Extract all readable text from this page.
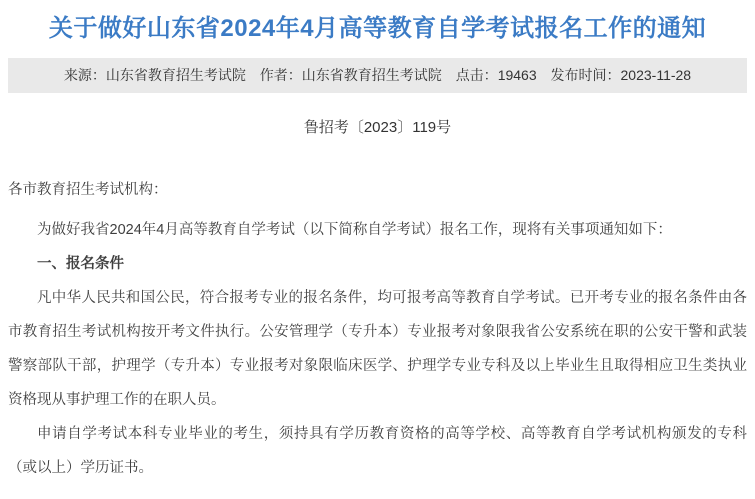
关于做好山东省2024年4月高等教育自学考试报名工作的通知
来源：山东省教育招生考试院 作者：山东省教育招生考试院 点击：19463 发布时间：2023-11-28
鲁招考〔2023〕119号
各市教育招生考试机构：

为做好我省2024年4月高等教育自学考试（以下简称自学考试）报名工作，现将有关事项通知如下：

一、报名条件

凡中华人民共和国公民，符合报考专业的报名条件，均可报考高等教育自学考试。已开考专业的报名条件由各市教育招生考试机构按开考文件执行。公安管理学（专升本）专业报考对象限我省公安系统在职的公安干警和武装警察部队干部，护理学（专升本）专业报考对象限临床医学、护理学专业专科及以上毕业生且取得相应卫生类执业资格现从事护理工作的在职人员。

申请自学考试本科专业毕业的考生，须持具有学历教育资格的高等学校、高等教育自学考试机构颁发的专科（或以上）学历证书。
